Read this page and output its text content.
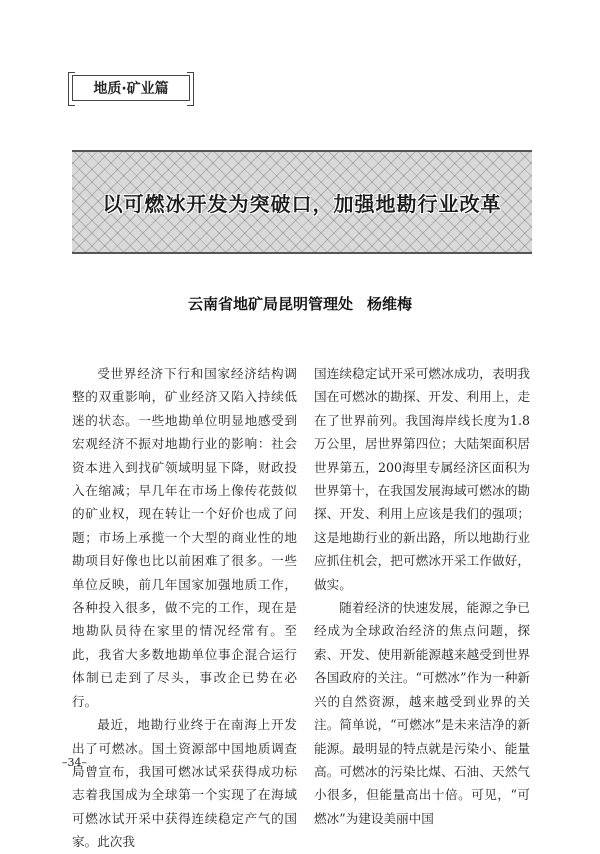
地质·矿业篇
以可燃冰开发为突破口，加强地勘行业改革
云南省地矿局昆明管理处 杨维梅

受世界经济下行和国家经济结构调整的双重影响，矿业经济又陷入持续低迷的状态。一些地勘单位明显地感受到宏观经济不振对地勘行业的影响：社会资本进入到找矿领域明显下降，财政投入在缩减；早几年在市场上像传花鼓似的矿业权，现在转让一个好价也成了问题；市场上承揽一个大型的商业性的地勘项目好像也比以前困难了很多。一些单位反映，前几年国家加强地质工作，各种投入很多，做不完的工作，现在是地勘队员待在家里的情况经常有。至此，我省大多数地勘单位事企混合运行体制已走到了尽头，事改企已势在必行。

最近，地勘行业终于在南海上开发出了可燃冰。国土资源部中国地质调查局曾宣布，我国可燃冰试采获得成功标志着我国成为全球第一个实现了在海域可燃冰试开采中获得连续稳定产气的国家。此次我

国连续稳定试开采可燃冰成功，表明我国在可燃冰的勘探、开发、利用上，走在了世界前列。我国海岸线长度为1.8万公里，居世界第四位；大陆架面积居世界第五，200海里专属经济区面积为世界第十，在我国发展海域可燃冰的勘探、开发、利用上应该是我们的强项；这是地勘行业的新出路，所以地勘行业应抓住机会，把可燃冰开采工作做好，做实。

随着经济的快速发展，能源之争已经成为全球政治经济的焦点问题，探索、开发、使用新能源越来越受到世界各国政府的关注。“可燃冰”作为一种新兴的自然资源，越来越受到业界的关注。简单说，“可燃冰”是未来洁净的新能源。最明显的特点就是污染小、能量高。可燃冰的污染比煤、石油、天然气小很多，但能量高出十倍。可见，“可燃冰”为建设美丽中国

–34–
